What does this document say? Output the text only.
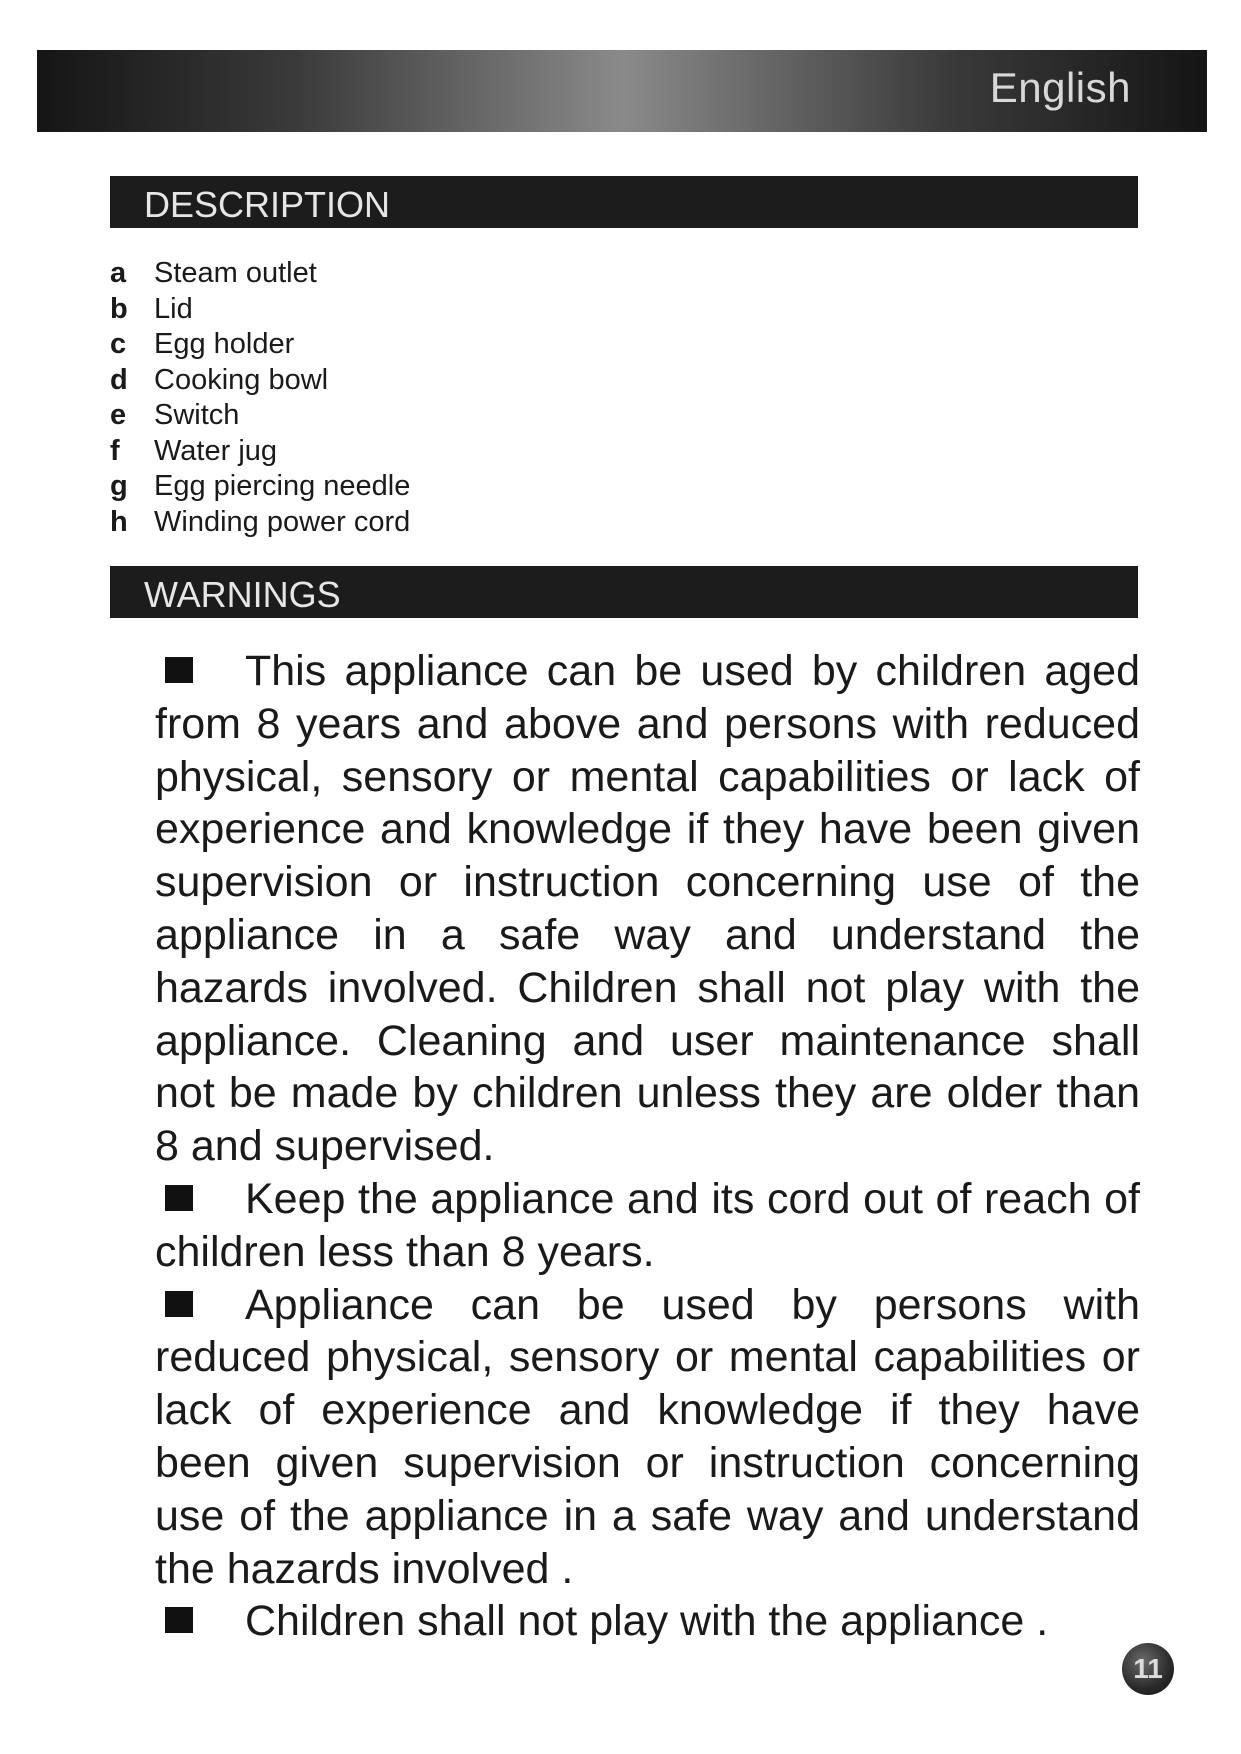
English
DESCRIPTION
a Steam outlet
b Lid
c Egg holder
d Cooking bowl
e Switch
f Water jug
g Egg piercing needle
h Winding power cord
WARNINGS

This appliance can be used by children aged from 8 years and above and persons with reduced physical, sensory or mental capabilities or lack of experience and knowledge if they have been given supervision or instruction concerning use of the appliance in a safe way and understand the hazards involved. Children shall not play with the appliance. Cleaning and user maintenance shall not be made by children unless they are older than 8 and supervised.

Keep the appliance and its cord out of reach of children less than 8 years.

Appliance can be used by persons with reduced physical, sensory or mental capabilities or lack of experience and knowledge if they have been given supervision or instruction concerning use of the appliance in a safe way and understand the hazards involved .

Children shall not play with the appliance .

11
